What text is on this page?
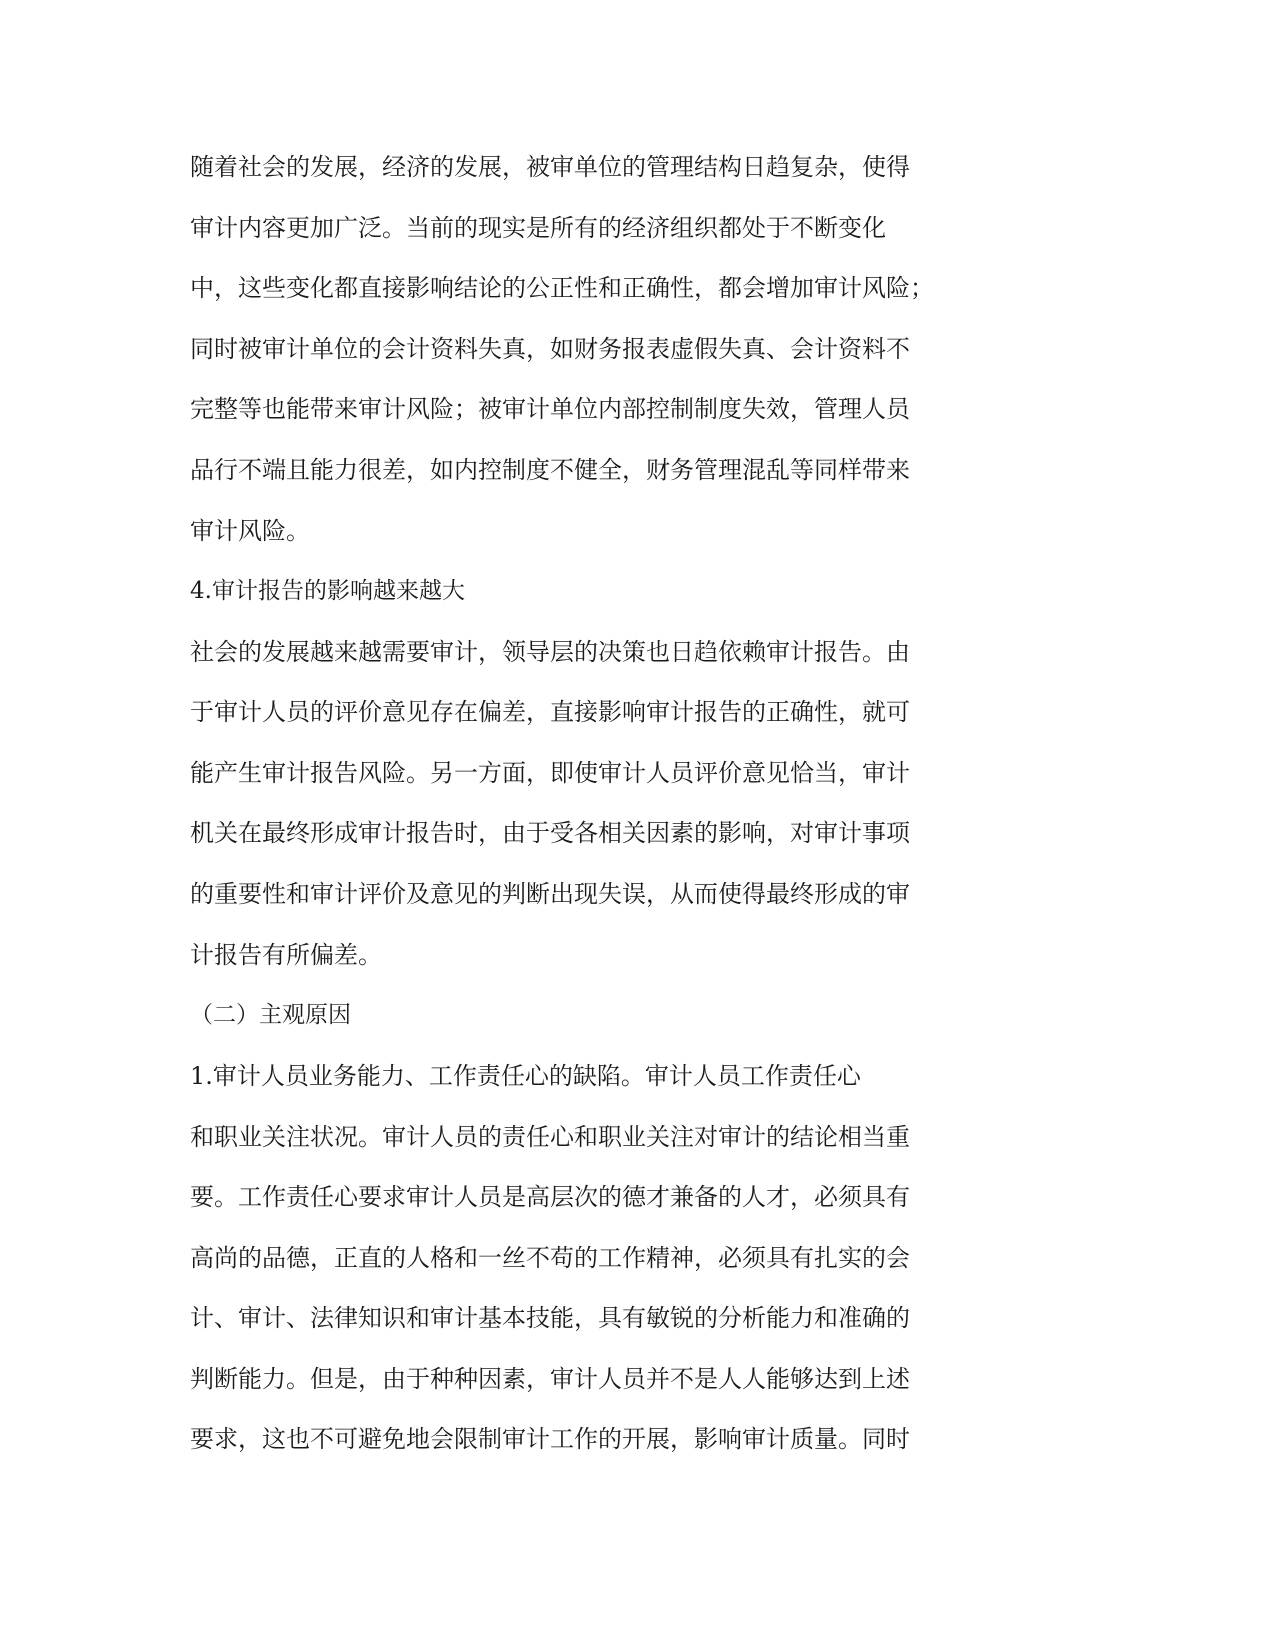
随着社会的发展，经济的发展，被审单位的管理结构日趋复杂，使得
审计内容更加广泛。当前的现实是所有的经济组织都处于不断变化
中，这些变化都直接影响结论的公正性和正确性，都会增加审计风险；
同时被审计单位的会计资料失真，如财务报表虚假失真、会计资料不
完整等也能带来审计风险；被审计单位内部控制制度失效，管理人员
品行不端且能力很差，如内控制度不健全，财务管理混乱等同样带来
审计风险。
4.审计报告的影响越来越大
社会的发展越来越需要审计，领导层的决策也日趋依赖审计报告。由
于审计人员的评价意见存在偏差，直接影响审计报告的正确性，就可
能产生审计报告风险。另一方面，即使审计人员评价意见恰当，审计
机关在最终形成审计报告时，由于受各相关因素的影响，对审计事项
的重要性和审计评价及意见的判断出现失误，从而使得最终形成的审
计报告有所偏差。
（二）主观原因
1.审计人员业务能力、工作责任心的缺陷。审计人员工作责任心
和职业关注状况。审计人员的责任心和职业关注对审计的结论相当重
要。工作责任心要求审计人员是高层次的德才兼备的人才，必须具有
高尚的品德，正直的人格和一丝不苟的工作精神，必须具有扎实的会
计、审计、法律知识和审计基本技能，具有敏锐的分析能力和准确的
判断能力。但是，由于种种因素，审计人员并不是人人能够达到上述
要求，这也不可避免地会限制审计工作的开展，影响审计质量。同时
